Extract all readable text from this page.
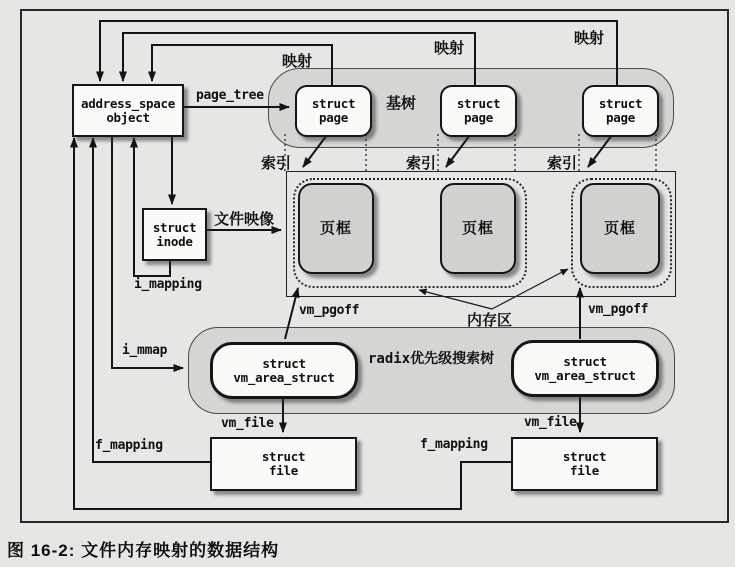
address_space
object
struct
inode
struct
page
struct
page
struct
page
页框	页框	页框
struct
vm_area_struct
struct
vm_area_struct
struct
file
struct
file
映射
映射
映射
page_tree	基树
索引	索引	索引
文件映像
i_mapping
i_mmap
vm_pgoff	vm_pgoff
内存区
radix优先级搜索树
vm_file	vm_file
f_mapping	f_mapping
图 16-2: 文件内存映射的数据结构
